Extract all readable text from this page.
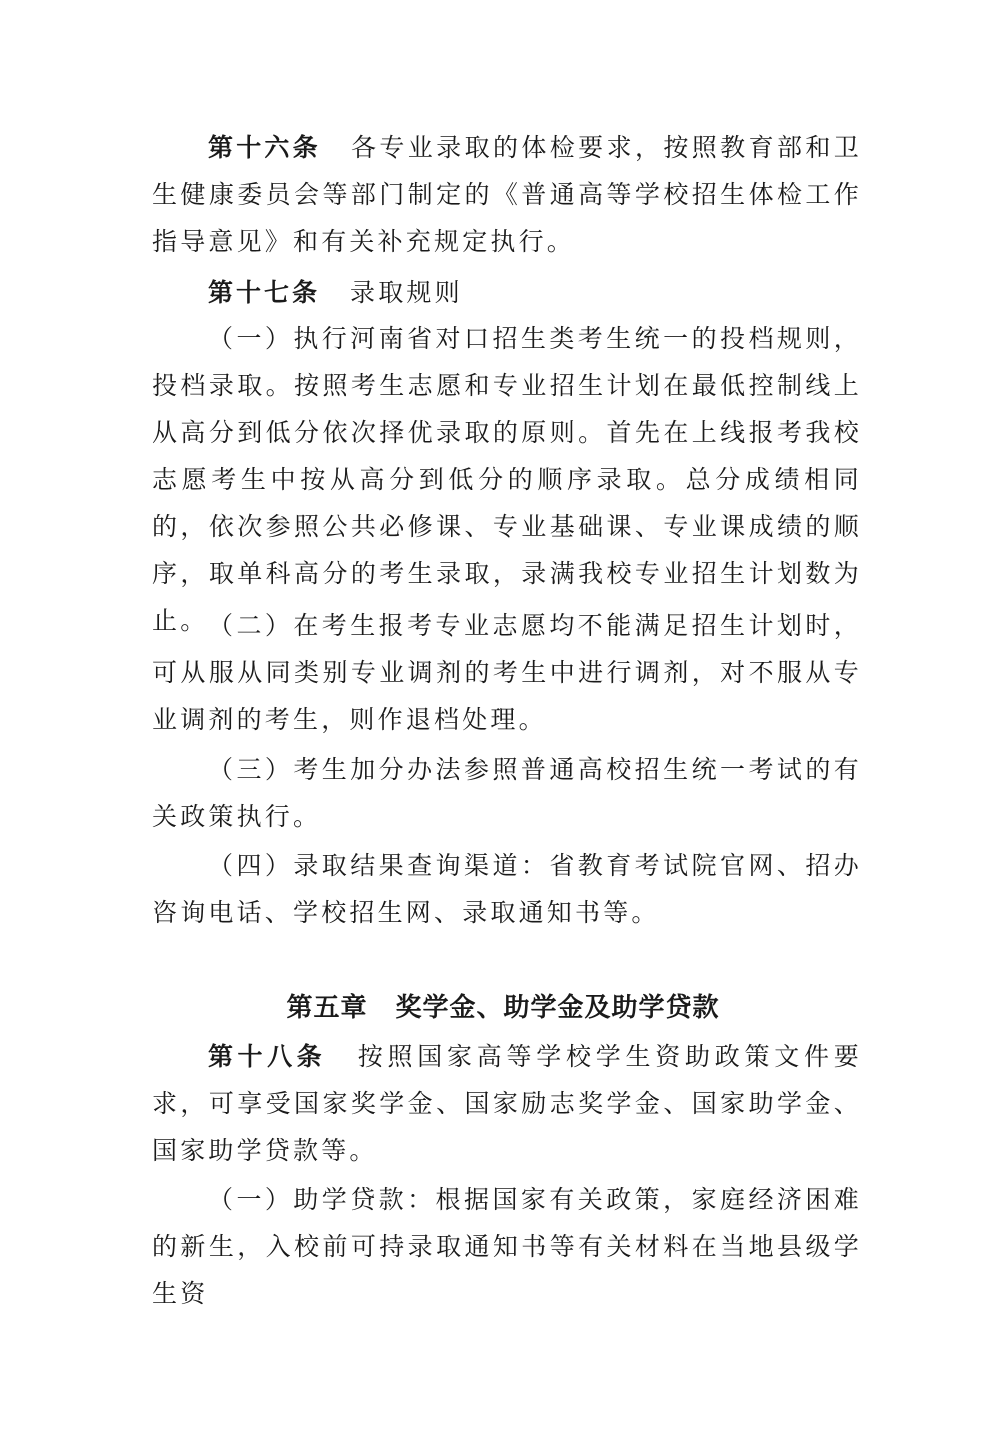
第十六条 各专业录取的体检要求，按照教育部和卫生健康委员会等部门制定的《普通高等学校招生体检工作指导意见》和有关补充规定执行。

第十七条 录取规则

（一）执行河南省对口招生类考生统一的投档规则，投档录取。按照考生志愿和专业招生计划在最低控制线上从高分到低分依次择优录取的原则。首先在上线报考我校志愿考生中按从高分到低分的顺序录取。总分成绩相同的，依次参照公共必修课、专业基础课、专业课成绩的顺序，取单科高分的考生录取，录满我校专业招生计划数为止。 （二）在考生报考专业志愿均不能满足招生计划时，可从服从同类别专业调剂的考生中进行调剂，对不服从专业调剂的考生，则作退档处理。

（三）考生加分办法参照普通高校招生统一考试的有关政策执行。

（四）录取结果查询渠道：省教育考试院官网、招办咨询电话、学校招生网、录取通知书等。

第五章 奖学金、助学金及助学贷款

第十八条 按照国家高等学校学生资助政策文件要求，可享受国家奖学金、国家励志奖学金、国家助学金、国家助学贷款等。

（一）助学贷款：根据国家有关政策，家庭经济困难的新生，入校前可持录取通知书等有关材料在当地县级学生资
